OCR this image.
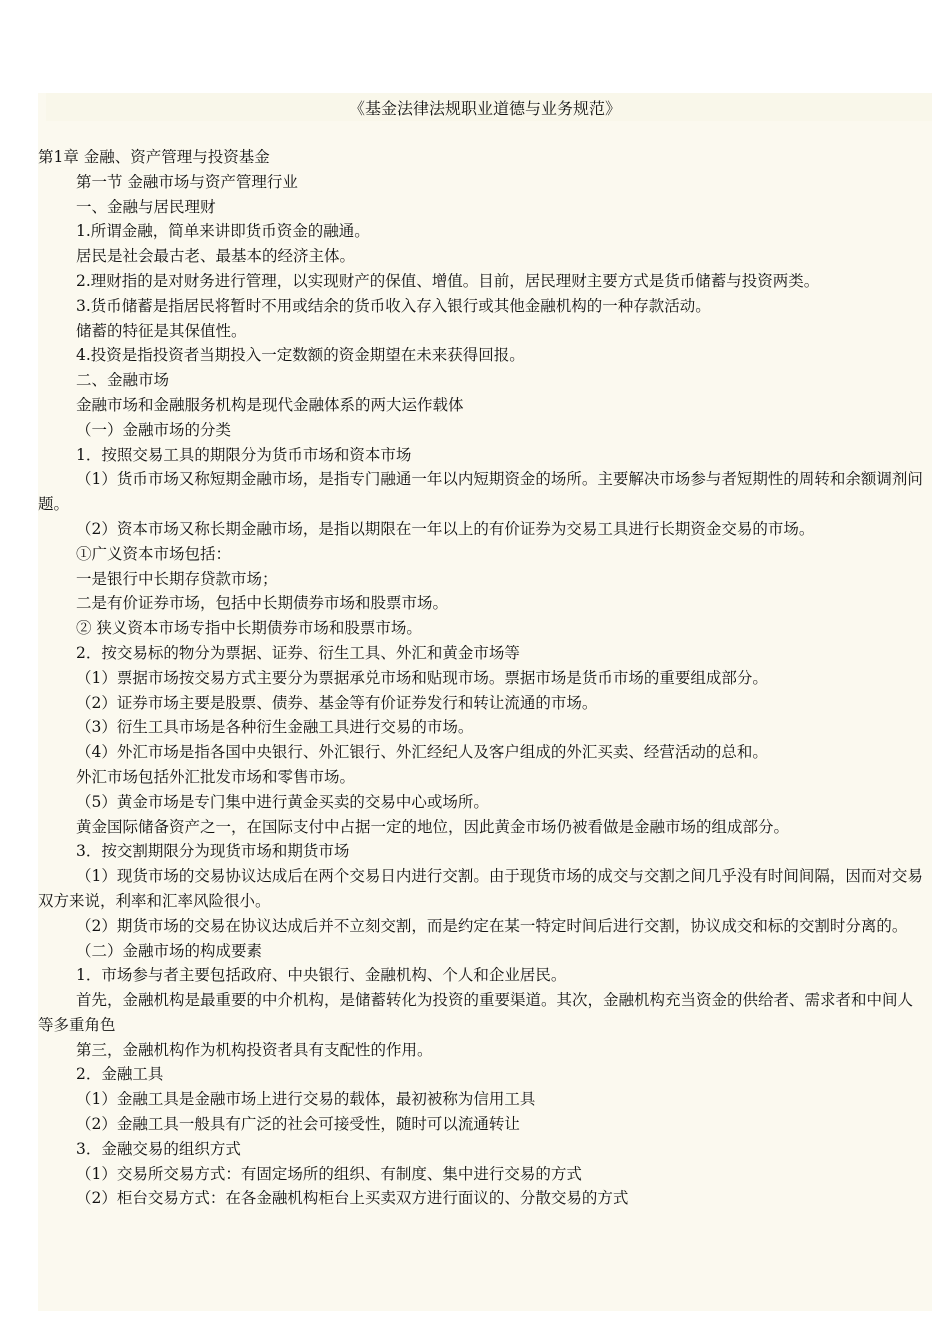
《基金法律法规职业道德与业务规范》

第1章 金融、资产管理与投资基金

第一节 金融市场与资产管理行业

一、金融与居民理财

1.所谓金融，简单来讲即货币资金的融通。

居民是社会最古老、最基本的经济主体。

2.理财指的是对财务进行管理，以实现财产的保值、增值。目前，居民理财主要方式是货币储蓄与投资两类。

3.货币储蓄是指居民将暂时不用或结余的货币收入存入银行或其他金融机构的一种存款活动。

储蓄的特征是其保值性。

4.投资是指投资者当期投入一定数额的资金期望在未来获得回报。

二、金融市场

金融市场和金融服务机构是现代金融体系的两大运作载体

（一）金融市场的分类

1．按照交易工具的期限分为货币市场和资本市场

（1）货币市场又称短期金融市场，是指专门融通一年以内短期资金的场所。主要解决市场参与者短期性的周转和余额调剂问题。

（2）资本市场又称长期金融市场，是指以期限在一年以上的有价证券为交易工具进行长期资金交易的市场。

①广义资本市场包括：

一是银行中长期存贷款市场；

二是有价证券市场，包括中长期债券市场和股票市场。

② 狭义资本市场专指中长期债券市场和股票市场。

2．按交易标的物分为票据、证券、衍生工具、外汇和黄金市场等

（1）票据市场按交易方式主要分为票据承兑市场和贴现市场。票据市场是货币市场的重要组成部分。

（2）证券市场主要是股票、债券、基金等有价证券发行和转让流通的市场。

（3）衍生工具市场是各种衍生金融工具进行交易的市场。

（4）外汇市场是指各国中央银行、外汇银行、外汇经纪人及客户组成的外汇买卖、经营活动的总和。

外汇市场包括外汇批发市场和零售市场。

（5）黄金市场是专门集中进行黄金买卖的交易中心或场所。

黄金国际储备资产之一，在国际支付中占据一定的地位，因此黄金市场仍被看做是金融市场的组成部分。

3．按交割期限分为现货市场和期货市场

（1）现货市场的交易协议达成后在两个交易日内进行交割。由于现货市场的成交与交割之间几乎没有时间间隔，因而对交易双方来说，利率和汇率风险很小。

（2）期货市场的交易在协议达成后并不立刻交割，而是约定在某一特定时间后进行交割，协议成交和标的交割时分离的。

（二）金融市场的构成要素

1．市场参与者主要包括政府、中央银行、金融机构、个人和企业居民。

首先，金融机构是最重要的中介机构，是储蓄转化为投资的重要渠道。其次，金融机构充当资金的供给者、需求者和中间人等多重角色

第三，金融机构作为机构投资者具有支配性的作用。

2．金融工具

（1）金融工具是金融市场上进行交易的载体，最初被称为信用工具

（2）金融工具一般具有广泛的社会可接受性，随时可以流通转让

3．金融交易的组织方式

（1）交易所交易方式：有固定场所的组织、有制度、集中进行交易的方式

（2）柜台交易方式：在各金融机构柜台上买卖双方进行面议的、分散交易的方式
